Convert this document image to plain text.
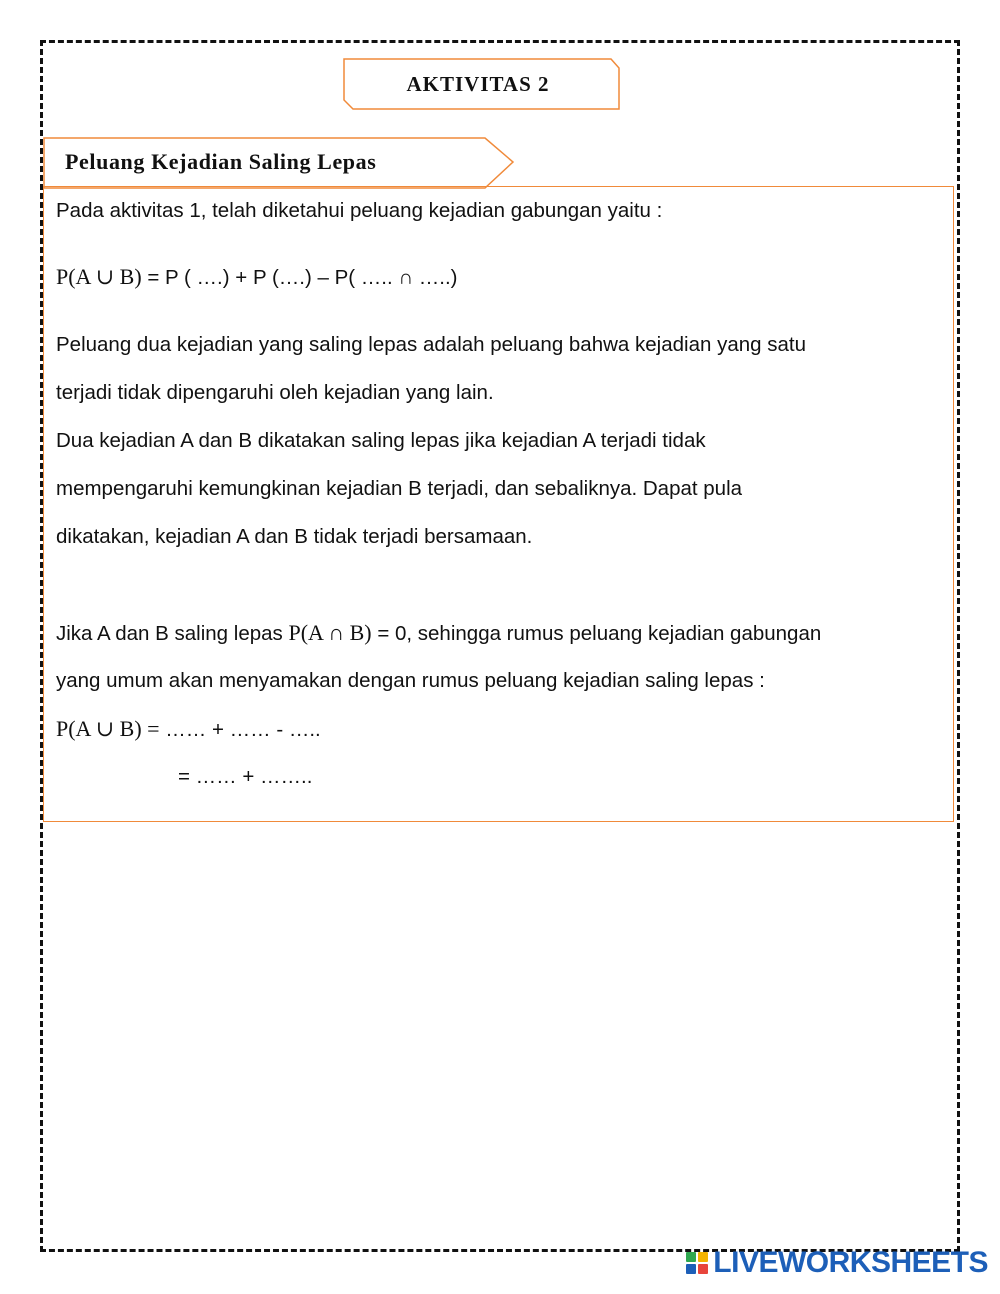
AKTIVITAS 2
Peluang Kejadian Saling Lepas
Pada aktivitas 1, telah diketahui peluang kejadian gabungan yaitu :
P(A ∪ B) = P ( ….) + P (….) – P( ….. ∩ …..)
Peluang dua kejadian yang saling lepas adalah peluang bahwa kejadian yang satu
terjadi tidak dipengaruhi oleh kejadian yang lain.
Dua kejadian A dan B dikatakan saling lepas jika kejadian A terjadi tidak
mempengaruhi kemungkinan kejadian B terjadi, dan sebaliknya. Dapat pula
dikatakan, kejadian A dan B tidak terjadi bersamaan.
Jika A dan B saling lepas P(A ∩ B) = 0, sehingga rumus peluang kejadian gabungan
yang umum akan menyamakan dengan rumus peluang kejadian saling lepas :
P(A ∪ B) = …… + …… - …..
= …… + ……..
LIVEWORKSHEETS
